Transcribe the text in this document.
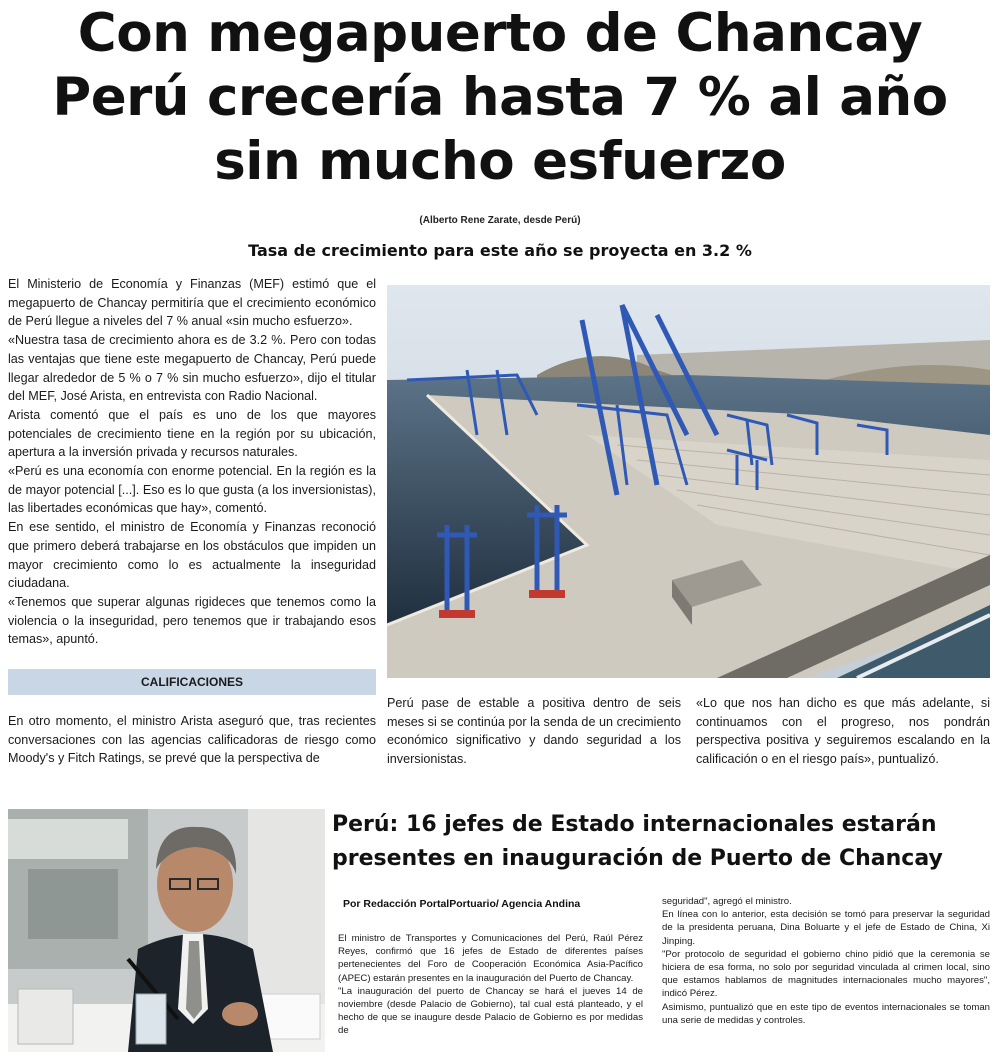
Con megapuerto de Chancay
Perú crecería hasta 7 % al año
sin mucho esfuerzo
(Alberto Rene Zarate, desde Perú)
Tasa de crecimiento para este año se proyecta en 3.2 %

El Ministerio de Economía y Finanzas (MEF) estimó que el megapuerto de Chancay permitiría que el crecimiento económico de Perú llegue a niveles del 7 % anual «sin mucho esfuerzo».

«Nuestra tasa de crecimiento ahora es de 3.2 %. Pero con todas las ventajas que tiene este megapuerto de Chancay, Perú puede llegar alrededor de 5 % o 7 % sin mucho esfuerzo», dijo el titular del MEF, José Arista, en entrevista con Radio Nacional.

Arista comentó que el país es uno de los que mayores potenciales de crecimiento tiene en la región por su ubicación, apertura a la inversión privada y recursos naturales.

«Perú es una economía con enorme potencial. En la región es la de mayor potencial [...]. Eso es lo que gusta (a los inversionistas), las libertades económicas que hay», comentó.

En ese sentido, el ministro de Economía y Finanzas reconoció que primero deberá trabajarse en los obstáculos que impiden un mayor crecimiento como lo es actualmente la inseguridad ciudadana.

«Tenemos que superar algunas rigideces que tenemos como la violencia o la inseguridad, pero tenemos que ir trabajando esos temas», apuntó.

CALIFICACIONES
En otro momento, el ministro Arista aseguró que, tras recientes conversaciones con las agencias calificadoras de riesgo como Moody's y Fitch Ratings, se prevé que la perspectiva de
Perú pase de estable a positiva dentro de seis meses si se continúa por la senda de un crecimiento económico significativo y dando seguridad a los inversionistas.
«Lo que nos han dicho es que más adelante, si continuamos con el progreso, nos pondrán perspectiva positiva y seguiremos escalando en la calificación o en el riesgo país», puntualizó.
Perú: 16 jefes de Estado internacionales estarán
presentes en inauguración de Puerto de Chancay
Por Redacción PortalPortuario/ Agencia Andina

El ministro de Transportes y Comunicaciones del Perú, Raúl Pérez Reyes, confirmó que 16 jefes de Estado de diferentes países pertenecientes del Foro de Cooperación Económica Asia-Pacífico (APEC) estarán presentes en la inauguración del Puerto de Chancay.

"La inauguración del puerto de Chancay se hará el jueves 14 de noviembre (desde Palacio de Gobierno), tal cual está planteado, y el hecho de que se inaugure desde Palacio de Gobierno es por medidas de

seguridad", agregó el ministro.

En línea con lo anterior, esta decisión se tomó para preservar la seguridad de la presidenta peruana, Dina Boluarte y el jefe de Estado de China, Xi Jinping.

"Por protocolo de seguridad el gobierno chino pidió que la ceremonia se hiciera de esa forma, no solo por seguridad vinculada al crimen local, sino que estamos hablamos de magnitudes internacionales mucho mayores", indicó Pérez.

Asimismo, puntualizó que en este tipo de eventos internacionales se toman una serie de medidas y controles.
